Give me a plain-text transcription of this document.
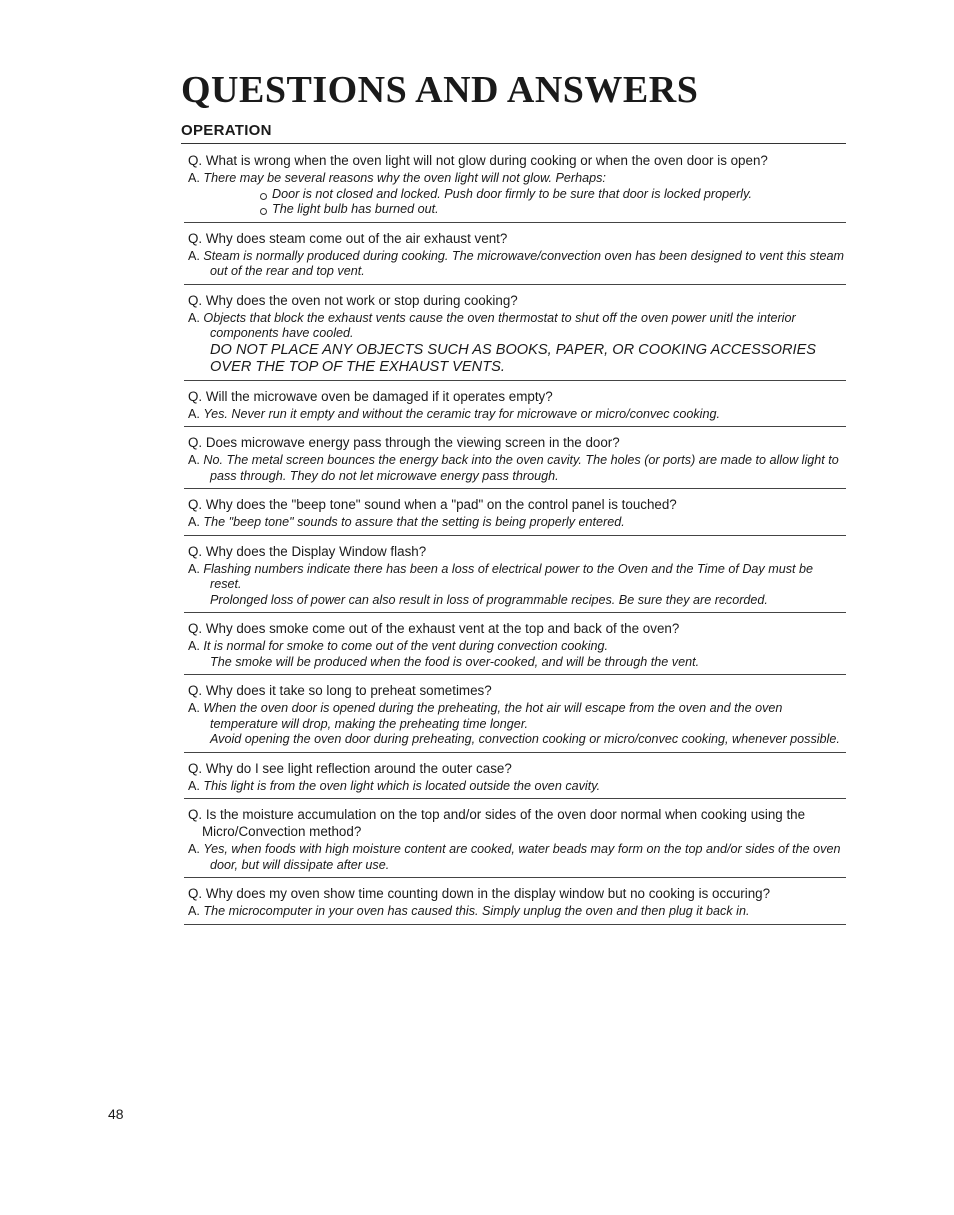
QUESTIONS AND ANSWERS
OPERATION
Q. What is wrong when the oven light will not glow during cooking or when the oven door is open?
A. There may be several reasons why the oven light will not glow. Perhaps:
Door is not closed and locked. Push door firmly to be sure that door is locked properly.
The light bulb has burned out.
Q. Why does steam come out of the air exhaust vent?
A. Steam is normally produced during cooking. The microwave/convection oven has been designed to vent this steam out of the rear and top vent.
Q. Why does the oven not work or stop during cooking?
A. Objects that block the exhaust vents cause the oven thermostat to shut off the oven power unitl the interior components have cooled.
DO NOT PLACE ANY OBJECTS SUCH AS BOOKS, PAPER, OR COOKING ACCESSORIES OVER THE TOP OF THE EXHAUST VENTS.
Q. Will the microwave oven be damaged if it operates empty?
A. Yes. Never run it empty and without the ceramic tray for microwave or micro/convec cooking.
Q. Does microwave energy pass through the viewing screen in the door?
A. No. The metal screen bounces the energy back into the oven cavity. The holes (or ports) are made to allow light to pass through. They do not let microwave energy pass through.
Q. Why does the "beep tone" sound when a "pad" on the control panel is touched?
A. The "beep tone" sounds to assure that the setting is being properly entered.
Q. Why does the Display Window flash?
A. Flashing numbers indicate there has been a loss of electrical power to the Oven and the Time of Day must be reset.
Prolonged loss of power can also result in loss of programmable recipes. Be sure they are recorded.
Q. Why does smoke come out of the exhaust vent at the top and back of the oven?
A. It is normal for smoke to come out of the vent during convection cooking.
The smoke will be produced when the food is over-cooked, and will be through the vent.
Q. Why does it take so long to preheat sometimes?
A. When the oven door is opened during the preheating, the hot air will escape from the oven and the oven temperature will drop, making the preheating time longer.
Avoid opening the oven door during preheating, convection cooking or micro/convec cooking, whenever possible.
Q. Why do I see light reflection around the outer case?
A. This light is from the oven light which is located outside the oven cavity.
Q. Is the moisture accumulation on the top and/or sides of the oven door normal when cooking using the Micro/Convection method?
A. Yes, when foods with high moisture content are cooked, water beads may form on the top and/or sides of the oven door, but will dissipate after use.
Q. Why does my oven show time counting down in the display window but no cooking is occuring?
A. The microcomputer in your oven has caused this. Simply unplug the oven and then plug it back in.
48
